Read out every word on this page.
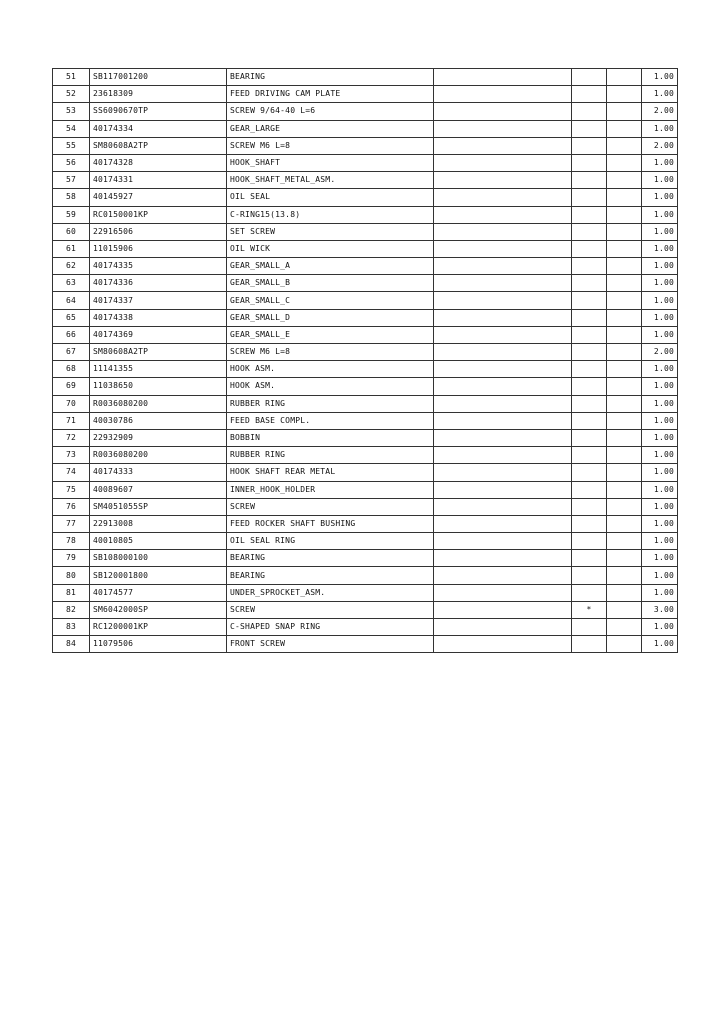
51	SB117001200	BEARING				1.00
52	23618309	FEED DRIVING CAM PLATE				1.00
53	SS6090670TP	SCREW 9/64-40 L=6				2.00
54	40174334	GEAR_LARGE				1.00
55	SM80608A2TP	SCREW M6 L=8				2.00
56	40174328	HOOK_SHAFT				1.00
57	40174331	HOOK_SHAFT_METAL_ASM.				1.00
58	40145927	OIL SEAL				1.00
59	RC0150001KP	C-RING15(13.8)				1.00
60	22916506	SET SCREW				1.00
61	11015906	OIL WICK				1.00
62	40174335	GEAR_SMALL_A				1.00
63	40174336	GEAR_SMALL_B				1.00
64	40174337	GEAR_SMALL_C				1.00
65	40174338	GEAR_SMALL_D				1.00
66	40174369	GEAR_SMALL_E				1.00
67	SM80608A2TP	SCREW M6 L=8				2.00
68	11141355	HOOK ASM.				1.00
69	11038650	HOOK ASM.				1.00
70	R0036080200	RUBBER RING				1.00
71	40030786	FEED BASE COMPL.				1.00
72	22932909	BOBBIN				1.00
73	R0036080200	RUBBER RING				1.00
74	40174333	HOOK SHAFT REAR METAL				1.00
75	40089607	INNER_HOOK_HOLDER				1.00
76	SM4051055SP	SCREW				1.00
77	22913008	FEED ROCKER SHAFT BUSHING				1.00
78	40010805	OIL SEAL RING				1.00
79	SB108000100	BEARING				1.00
80	SB120001800	BEARING				1.00
81	40174577	UNDER_SPROCKET_ASM.				1.00
82	SM6042000SP	SCREW		*		3.00
83	RC1200001KP	C-SHAPED SNAP RING				1.00
84	11079506	FRONT SCREW				1.00
